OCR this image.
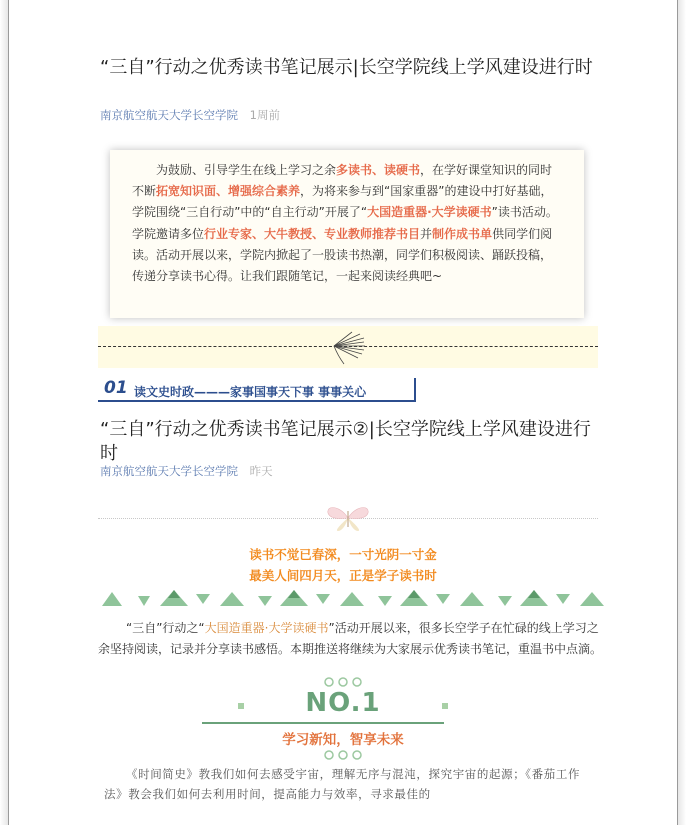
“三自”行动之优秀读书笔记展示|长空学院线上学风建设进行时
南京航空航天大学长空学院 1周前

为鼓励、引导学生在线上学习之余多读书、读硬书，在学好课堂知识的同时不断拓宽知识面、增强综合素养，为将来参与到“国家重器”的建设中打好基础，学院围绕“三自行动”中的“自主行动”开展了“大国造重器·大学读硬书”读书活动。学院邀请多位行业专家、大牛教授、专业教师推荐书目并制作成书单供同学们阅读。活动开展以来，学院内掀起了一股读书热潮，同学们积极阅读、踊跃投稿，传递分享读书心得。让我们跟随笔记，一起来阅读经典吧~

01 读文史时政———家事国事天下事 事事关心
“三自”行动之优秀读书笔记展示②|长空学院线上学风建设进行时
南京航空航天大学长空学院 昨天
读书不觉已春深，一寸光阴一寸金
最美人间四月天，正是学子读书时
“三自”行动之“大国造重器·大学读硬书”活动开展以来，很多长空学子在忙碌的线上学习之余坚持阅读，记录并分享读书感悟。本期推送将继续为大家展示优秀读书笔记，重温书中点滴。
NO.1
学习新知，智享未来
《时间简史》教我们如何去感受宇宙，理解无序与混沌，探究宇宙的起源；《番茄工作法》教会我们如何去利用时间，提高能力与效率，寻求最佳的
